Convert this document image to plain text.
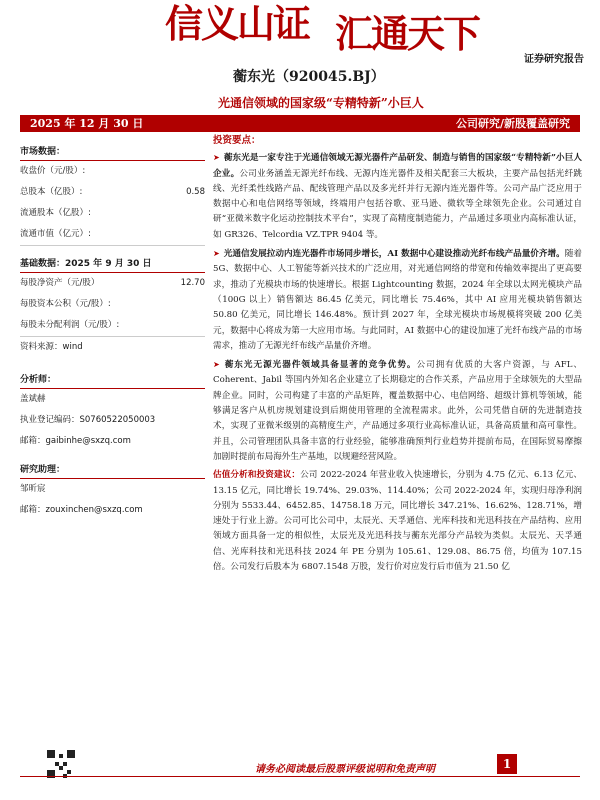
信义山证 汇通天下
证券研究报告
蘅东光（920045.BJ）
光通信领域的国家级“专精特新”小巨人
2025 年 12 月 30 日	公司研究/新股覆盖研究
市场数据：
收盘价（元/股）:
总股本（亿股）:	0.58
流通股本（亿股）:
流通市值（亿元）:
基础数据：2025 年 9 月 30 日
每股净资产（元/股）	12.70
每股资本公积（元/股）:
每股未分配利润（元/股）:
资料来源：wind
分析师：
盖斌赫
执业登记编码：S0760522050003
邮箱：gaibinhe@sxzq.com
研究助理：
邹昕宸
邮箱：zouxinchen@sxzq.com
投资要点：

➤ 蘅东光是一家专注于光通信领域无源光器件产品研发、制造与销售的国家级“专精特新”小巨人企业。公司业务涵盖无源光纤布线、无源内连光器件及相关配套三大板块，主要产品包括光纤跳线、光纤柔性线路产品、配线管理产品以及多光纤并行无源内连光器件等。公司产品广泛应用于数据中心和电信网络等领域，终端用户包括谷歌、亚马逊、微软等全球领先企业。公司通过自研“亚微米数字化运动控制技术平台”，实现了高精度制造能力，产品通过多项业内高标准认证，如 GR326、Telcordia VZ.TPR 9404 等。

➤ 光通信发展拉动内连光器件市场同步增长，AI 数据中心建设推动光纤布线产品量价齐增。随着 5G、数据中心、人工智能等新兴技术的广泛应用，对光通信网络的带宽和传输效率提出了更高要求，推动了光模块市场的快速增长。根据 Lightcounting 数据，2024 年全球以太网光模块产品（100G 以上）销售额达 86.45 亿美元，同比增长 75.46%，其中 AI 应用光模块销售额达 50.80 亿美元，同比增长 146.48%。预计到 2027 年，全球光模块市场规模将突破 200 亿美元，数据中心将成为第一大应用市场。与此同时，AI 数据中心的建设加速了光纤布线产品的市场需求，推动了无源光纤布线产品量价齐增。

➤ 蘅东光无源光器件领域具备显著的竞争优势。公司拥有优质的大客户资源，与 AFL、Coherent、Jabil 等国内外知名企业建立了长期稳定的合作关系，产品应用于全球领先的大型品牌企业。同时，公司构建了丰富的产品矩阵，覆盖数据中心、电信网络、超级计算机等领域，能够满足客户从机房规划建设到后期使用管理的全流程需求。此外，公司凭借自研的先进制造技术，实现了亚微米级别的高精度生产，产品通过多项行业高标准认证，具备高质量和高可靠性。并且，公司管理团队具备丰富的行业经验，能够准确预判行业趋势并提前布局，在国际贸易摩擦加剧时提前布局海外生产基地，以规避经营风险。

估值分析和投资建议：公司 2022-2024 年营业收入快速增长，分别为 4.75 亿元、6.13 亿元、13.15 亿元，同比增长 19.74%、29.03%、114.40%；公司 2022-2024 年，实现归母净利润分别为 5533.44、6452.85、14758.18 万元，同比增长 347.21%、16.62%、128.71%，增速处于行业上游。公司可比公司中，太辰光、天孚通信、光库科技和光迅科技在产品结构、应用领域方面具备一定的相似性，太辰光及光迅科技与蘅东光部分产品较为类似。太辰光、天孚通信、光库科技和光迅科技 2024 年 PE 分别为 105.61、129.08、86.75 倍，均值为 107.15 倍。公司发行后股本为 6807.1548 万股，发行价对应发行后市值为 21.50 亿

请务必阅读最后股票评级说明和免责声明	1
